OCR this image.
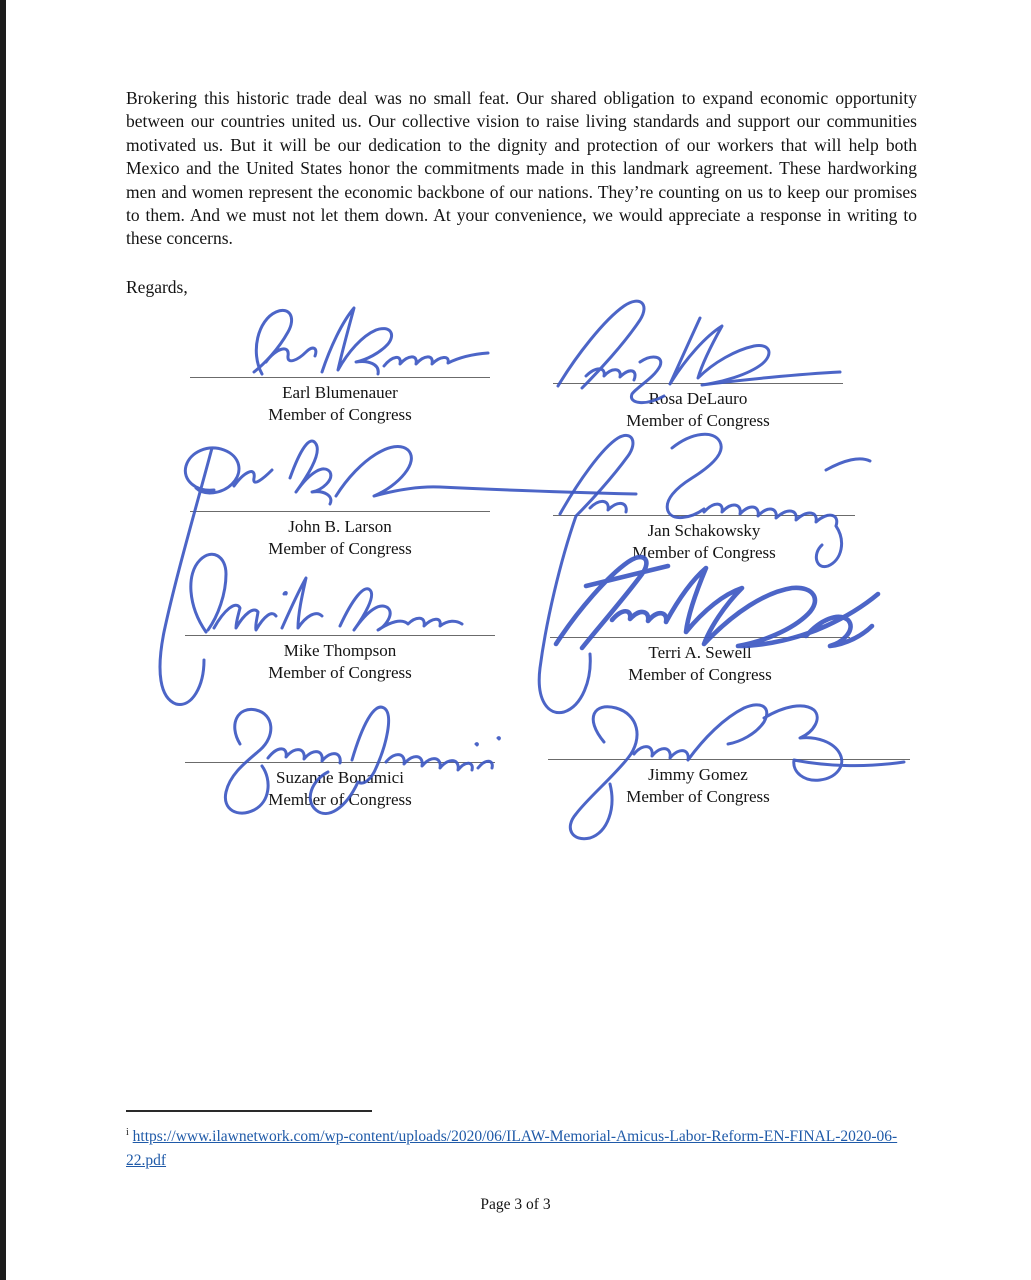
Brokering this historic trade deal was no small feat. Our shared obligation to expand economic opportunity between our countries united us. Our collective vision to raise living standards and support our communities motivated us. But it will be our dedication to the dignity and protection of our workers that will help both Mexico and the United States honor the commitments made in this landmark agreement. These hardworking men and women represent the economic backbone of our nations. They’re counting on us to keep our promises to them. And we must not let them down. At your convenience, we would appreciate a response in writing to these concerns.
Regards,
Earl Blumenauer
Member of Congress
Rosa DeLauro
Member of Congress
John B. Larson
Member of Congress
Jan Schakowsky
Member of Congress
Mike Thompson
Member of Congress
Terri A. Sewell
Member of Congress
Suzanne Bonamici
Member of Congress
Jimmy Gomez
Member of Congress
$^i$ https://www.ilawnetwork.com/wp-content/uploads/2020/06/ILAW-Memorial-Amicus-Labor-Reform-EN-FINAL-2020-06-22.pdf
Page 3 of 3
